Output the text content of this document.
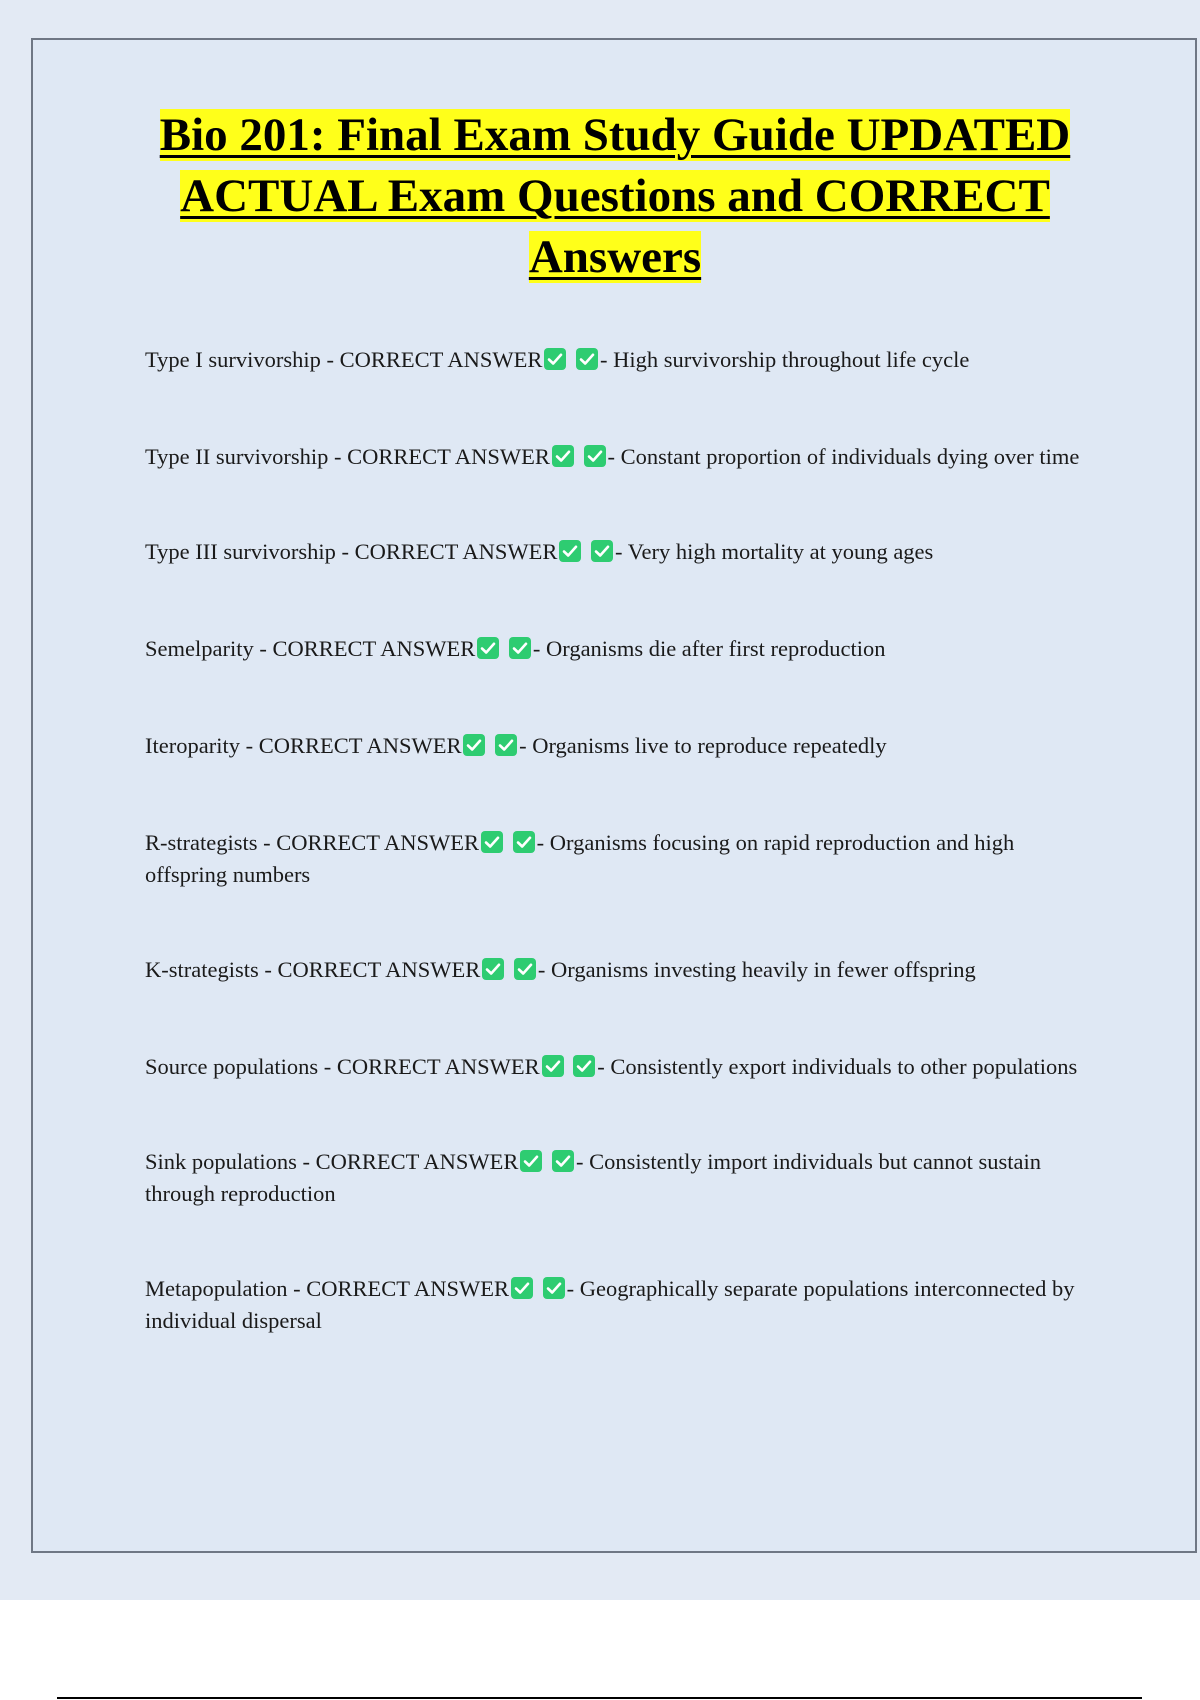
Bio 201: Final Exam Study Guide UPDATED ACTUAL Exam Questions and CORRECT Answers
Type I survivorship - CORRECT ANSWER
	- High survivorship throughout life cycle
Type II survivorship - CORRECT ANSWER
	- Constant proportion of individuals dying over time
Type III survivorship - CORRECT ANSWER
	- Very high mortality at young ages
Semelparity - CORRECT ANSWER
	- Organisms die after first reproduction
Iteroparity - CORRECT ANSWER
	- Organisms live to reproduce repeatedly
R-strategists - CORRECT ANSWER
	- Organisms focusing on rapid reproduction and high offspring numbers
K-strategists - CORRECT ANSWER
	- Organisms investing heavily in fewer offspring
Source populations - CORRECT ANSWER
	- Consistently export individuals to other populations
Sink populations - CORRECT ANSWER
	- Consistently import individuals but cannot sustain through reproduction
Metapopulation - CORRECT ANSWER
	- Geographically separate populations interconnected by individual dispersal
